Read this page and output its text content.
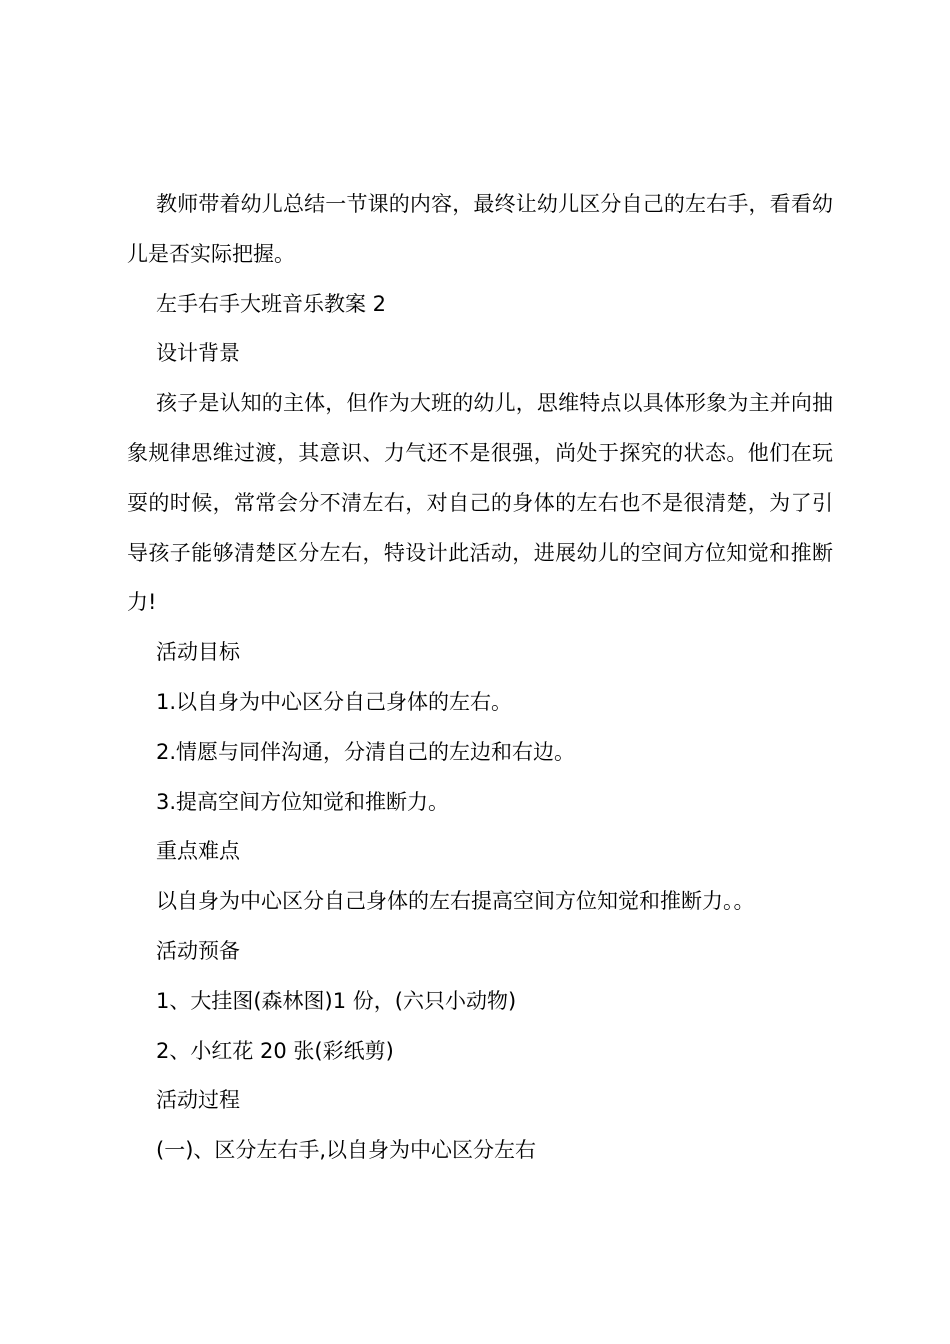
教师带着幼儿总结一节课的内容，最终让幼儿区分自己的左右手，看看幼儿是否实际把握。

左手右手大班音乐教案 2

设计背景

孩子是认知的主体，但作为大班的幼儿，思维特点以具体形象为主并向抽象规律思维过渡，其意识、力气还不是很强，尚处于探究的状态。他们在玩耍的时候，常常会分不清左右，对自己的身体的左右也不是很清楚，为了引导孩子能够清楚区分左右，特设计此活动，进展幼儿的空间方位知觉和推断力!

活动目标

1.以自身为中心区分自己身体的左右。

2.情愿与同伴沟通，分清自己的左边和右边。

3.提高空间方位知觉和推断力。

重点难点

以自身为中心区分自己身体的左右提高空间方位知觉和推断力。。

活动预备

1、大挂图(森林图)1 份，(六只小动物)

2、小红花 20 张(彩纸剪)

活动过程

(一)、区分左右手,以自身为中心区分左右
